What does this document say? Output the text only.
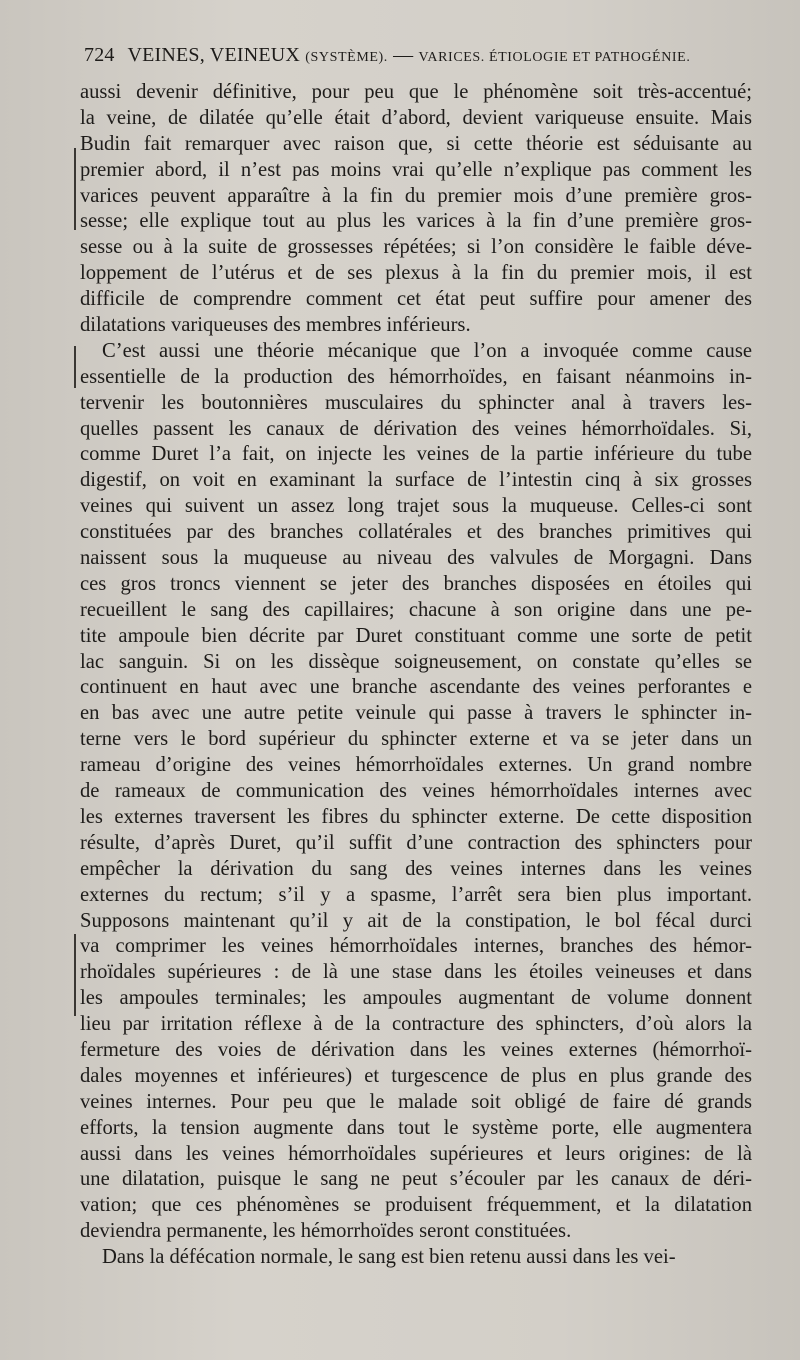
724 VEINES, VEINEUX (SYSTÈME). — VARICES. ÉTIOLOGIE ET PATHOGÉNIE.
aussi devenir définitive, pour peu que le phénomène soit très-accentué;
la veine, de dilatée qu’elle était d’abord, devient variqueuse ensuite. Mais
Budin fait remarquer avec raison que, si cette théorie est séduisante au
premier abord, il n’est pas moins vrai qu’elle n’explique pas comment les
varices peuvent apparaître à la fin du premier mois d’une première gros-
sesse; elle explique tout au plus les varices à la fin d’une première gros-
sesse ou à la suite de grossesses répétées; si l’on considère le faible déve-
loppement de l’utérus et de ses plexus à la fin du premier mois, il est
difficile de comprendre comment cet état peut suffire pour amener des
dilatations variqueuses des membres inférieurs.
C’est aussi une théorie mécanique que l’on a invoquée comme cause
essentielle de la production des hémorrhoïdes, en faisant néanmoins in-
tervenir les boutonnières musculaires du sphincter anal à travers les-
quelles passent les canaux de dérivation des veines hémorrhoïdales. Si,
comme Duret l’a fait, on injecte les veines de la partie inférieure du tube
digestif, on voit en examinant la surface de l’intestin cinq à six grosses
veines qui suivent un assez long trajet sous la muqueuse. Celles-ci sont
constituées par des branches collatérales et des branches primitives qui
naissent sous la muqueuse au niveau des valvules de Morgagni. Dans
ces gros troncs viennent se jeter des branches disposées en étoiles qui
recueillent le sang des capillaires; chacune à son origine dans une pe-
tite ampoule bien décrite par Duret constituant comme une sorte de petit
lac sanguin. Si on les dissèque soigneusement, on constate qu’elles se
continuent en haut avec une branche ascendante des veines perforantes e
en bas avec une autre petite veinule qui passe à travers le sphincter in-
terne vers le bord supérieur du sphincter externe et va se jeter dans un
rameau d’origine des veines hémorrhoïdales externes. Un grand nombre
de rameaux de communication des veines hémorrhoïdales internes avec
les externes traversent les fibres du sphincter externe. De cette disposition
résulte, d’après Duret, qu’il suffit d’une contraction des sphincters pour
empêcher la dérivation du sang des veines internes dans les veines
externes du rectum; s’il y a spasme, l’arrêt sera bien plus important.
Supposons maintenant qu’il y ait de la constipation, le bol fécal durci
va comprimer les veines hémorrhoïdales internes, branches des hémor-
rhoïdales supérieures : de là une stase dans les étoiles veineuses et dans
les ampoules terminales; les ampoules augmentant de volume donnent
lieu par irritation réflexe à de la contracture des sphincters, d’où alors la
fermeture des voies de dérivation dans les veines externes (hémorrhoï-
dales moyennes et inférieures) et turgescence de plus en plus grande des
veines internes. Pour peu que le malade soit obligé de faire dé grands
efforts, la tension augmente dans tout le système porte, elle augmentera
aussi dans les veines hémorrhoïdales supérieures et leurs origines: de là
une dilatation, puisque le sang ne peut s’écouler par les canaux de déri-
vation; que ces phénomènes se produisent fréquemment, et la dilatation
deviendra permanente, les hémorrhoïdes seront constituées.
Dans la défécation normale, le sang est bien retenu aussi dans les vei-
